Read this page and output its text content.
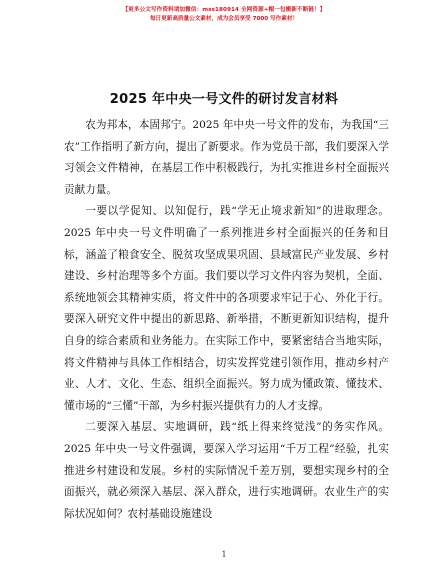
【更多公文写作资料请加微信：mss180914 全网资源+帽一包搬新不断链！】
每日更新高质量公文素材，成为会员享受 7000 写作素材！
2025 年中央一号文件的研讨发言材料

农为邦本，本固邦宁。2025 年中央一号文件的发布，为我国“三农”工作指明了新方向，提出了新要求。作为党员干部，我们要深入学习领会文件精神，在基层工作中积极践行，为扎实推进乡村全面振兴贡献力量。

一要以学促知、以知促行，践“学无止境求新知”的进取理念。2025 年中央一号文件明确了一系列推进乡村全面振兴的任务和目标，涵盖了粮食安全、脱贫攻坚成果巩固、县域富民产业发展、乡村建设、乡村治理等多个方面。我们要以学习文件内容为契机，全面、系统地领会其精神实质，将文件中的各项要求牢记于心、外化于行。要深入研究文件中提出的新思路、新举措，不断更新知识结构，提升自身的综合素质和业务能力。在实际工作中，要紧密结合当地实际，将文件精神与具体工作相结合，切实发挥党建引领作用，推动乡村产业、人才、文化、生态、组织全面振兴。努力成为懂政策、懂技术、懂市场的“三懂”干部，为乡村振兴提供有力的人才支撑。

二要深入基层、实地调研，践“纸上得来终觉浅”的务实作风。2025 年中央一号文件强调，要深入学习运用“千万工程”经验，扎实推进乡村建设和发展。乡村的实际情况千差万别，要想实现乡村的全面振兴，就必须深入基层、深入群众，进行实地调研。农业生产的实际状况如何？农村基础设施建设

1
